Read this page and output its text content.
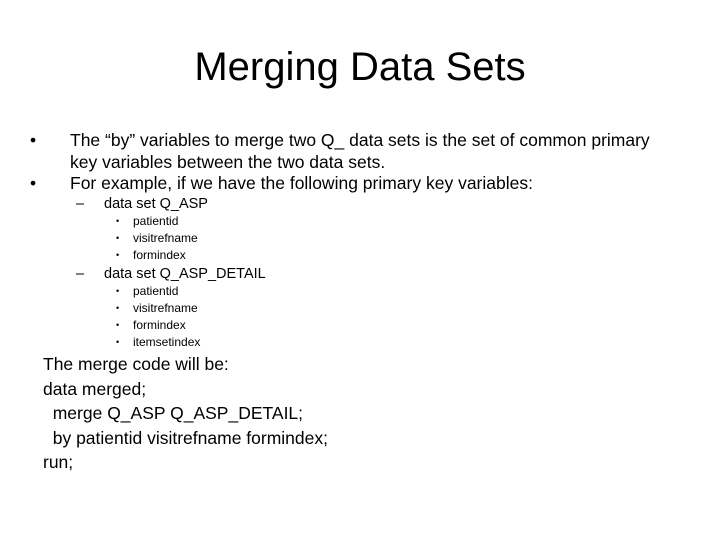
Merging Data Sets
•	The “by” variables to merge two Q_ data sets is the set of common primary key variables between the two data sets.
•	For example, if we have the following primary key variables:
– data set Q_ASP
• patientid
• visitrefname
• formindex
– data set Q_ASP_DETAIL
• patientid
• visitrefname
• formindex
• itemsetindex
The merge code will be:
data merged;
merge Q_ASP Q_ASP_DETAIL;
by patientid visitrefname formindex;
run;
